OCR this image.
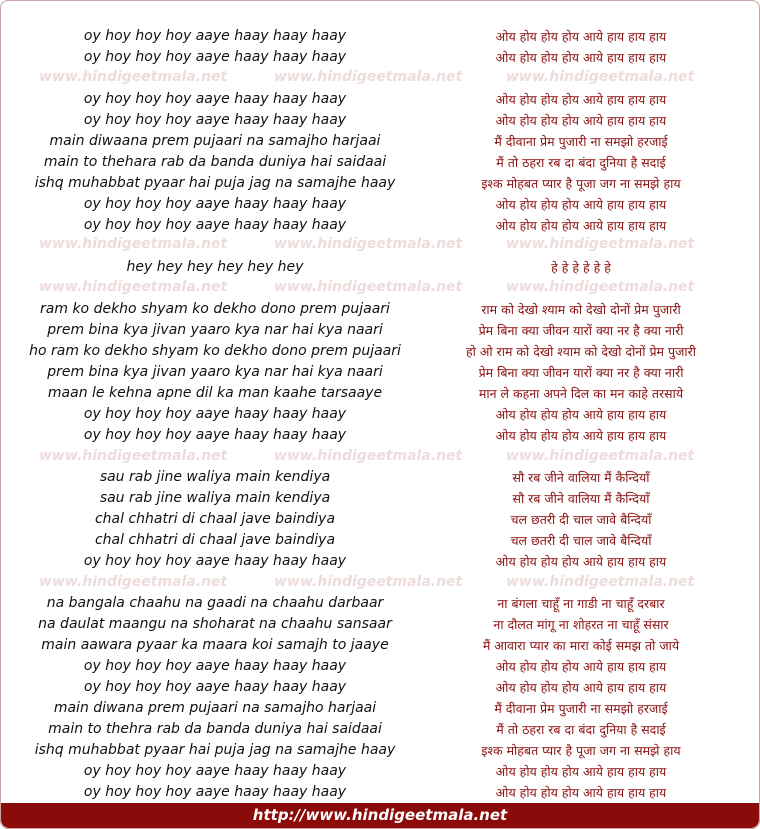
www.hindigeetmala.net	www.hindigeetmala.net	www.hindigeetmala.net
www.hindigeetmala.net	www.hindigeetmala.net	www.hindigeetmala.net
www.hindigeetmala.net	www.hindigeetmala.net	www.hindigeetmala.net
www.hindigeetmala.net	www.hindigeetmala.net	www.hindigeetmala.net
www.hindigeetmala.net	www.hindigeetmala.net	www.hindigeetmala.net
oy hoy hoy hoy aaye haay haay haay	ओय होय होय होय आये हाय हाय हाय
oy hoy hoy hoy aaye haay haay haay	ओय होय होय होय आये हाय हाय हाय
oy hoy hoy hoy aaye haay haay haay	ओय होय होय होय आये हाय हाय हाय
oy hoy hoy hoy aaye haay haay haay	ओय होय होय होय आये हाय हाय हाय
main diwaana prem pujaari na samajho harjaai	मैं दीवाना प्रेम पुजारी ना समझो हरजाई
main to thehara rab da banda duniya hai saidaai	मैं तो ठहरा रब दा बंदा दुनिया है सदाई
ishq muhabbat pyaar hai puja jag na samajhe haay	इश्क मोहबत प्यार है पूजा जग ना समझे हाय
oy hoy hoy hoy aaye haay haay haay	ओय होय होय होय आये हाय हाय हाय
oy hoy hoy hoy aaye haay haay haay	ओय होय होय होय आये हाय हाय हाय
hey hey hey hey hey hey	हे हे हे हे हे हे
ram ko dekho shyam ko dekho dono prem pujaari	राम को देखो श्याम को देखो दोनों प्रेम पुजारी
prem bina kya jivan yaaro kya nar hai kya naari	प्रेम बिना क्या जीवन यारों क्या नर है क्या नारी
ho ram ko dekho shyam ko dekho dono prem pujaari	हो ओ राम को देखो श्याम को देखो दोनों प्रेम पुजारी
prem bina kya jivan yaaro kya nar hai kya naari	प्रेम बिना क्या जीवन यारों क्या नर है क्या नारी
maan le kehna apne dil ka man kaahe tarsaaye	मान ले कहना अपने दिल का मन काहे तरसाये
oy hoy hoy hoy aaye haay haay haay	ओय होय होय होय आये हाय हाय हाय
oy hoy hoy hoy aaye haay haay haay	ओय होय होय होय आये हाय हाय हाय
sau rab jine waliya main kendiya	सौ रब जीने वालिया मैं कैन्दियाँ
sau rab jine waliya main kendiya	सौ रब जीने वालिया मैं कैन्दियाँ
chal chhatri di chaal jave baindiya	चल छतरी दी चाल जावे बैन्दियाँ
chal chhatri di chaal jave baindiya	चल छतरी दी चाल जावे बैन्दियाँ
oy hoy hoy hoy aaye haay haay haay	ओय होय होय होय आये हाय हाय हाय
na bangala chaahu na gaadi na chaahu darbaar	ना बंगला चाहूँ ना गाडी ना चाहूँ दरबार
na daulat maangu na shoharat na chaahu sansaar	ना दौलत मांगू ना शोहरत ना चाहूँ संसार
main aawara pyaar ka maara koi samajh to jaaye	मैं आवारा प्यार का मारा कोई समझ तो जाये
oy hoy hoy hoy aaye haay haay haay	ओय होय होय होय आये हाय हाय हाय
oy hoy hoy hoy aaye haay haay haay	ओय होय होय होय आये हाय हाय हाय
main diwana prem pujaari na samajho harjaai	मैं दीवाना प्रेम पुजारी ना समझो हरजाई
main to thehra rab da banda duniya hai saidaai	मैं तो ठहरा रब दा बंदा दुनिया है सदाई
ishq muhabbat pyaar hai puja jag na samajhe haay	इश्क मोहबत प्यार है पूजा जग ना समझे हाय
oy hoy hoy hoy aaye haay haay haay	ओय होय होय होय आये हाय हाय हाय
oy hoy hoy hoy aaye haay haay haay	ओय होय होय होय आये हाय हाय हाय
http://www.hindigeetmala.net
